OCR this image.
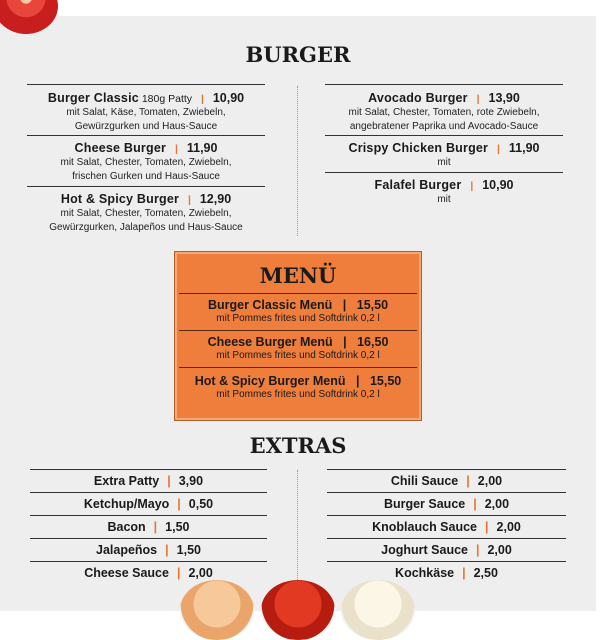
BURGER
Burger Classic 180g Patty | 10,90
mit Salat, Käse, Tomaten, Zwiebeln,
Gewürzgurken und Haus-Sauce
Cheese Burger | 11,90
mit Salat, Chester, Tomaten, Zwiebeln,
frischen Gurken und Haus-Sauce
Hot & Spicy Burger | 12,90
mit Salat, Chester, Tomaten, Zwiebeln,
Gewürzgurken, Jalapeños und Haus-Sauce
Avocado Burger | 13,90
mit Salat, Chester, Tomaten, rote Zwiebeln,
angebratener Paprika und Avocado-Sauce
Crispy Chicken Burger | 11,90
mit
Falafel Burger | 10,90
mit
MENÜ
Burger Classic Menü | 15,50
mit Pommes frites und Softdrink 0,2 l
Cheese Burger Menü | 16,50
mit Pommes frites und Softdrink 0,2 l
Hot & Spicy Burger Menü | 15,50
mit Pommes frites und Softdrink 0,2 l
EXTRAS
Extra Patty | 3,90
Ketchup/Mayo | 0,50
Bacon | 1,50
Jalapeños | 1,50
Cheese Sauce | 2,00
Chili Sauce | 2,00
Burger Sauce | 2,00
Knoblauch Sauce | 2,00
Joghurt Sauce | 2,00
Kochkäse | 2,50
